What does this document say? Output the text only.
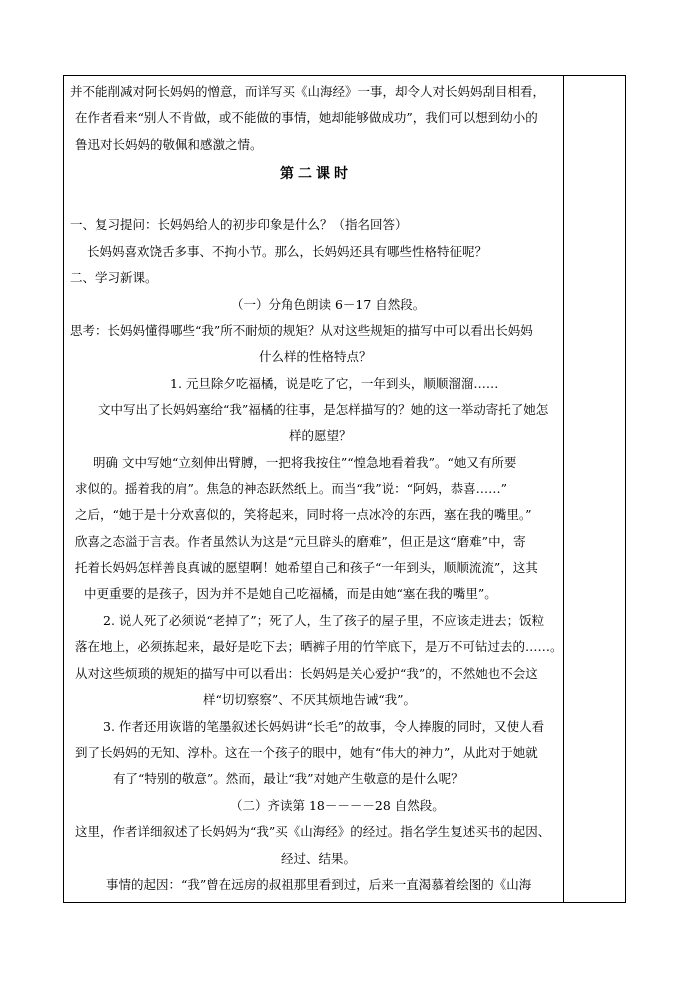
并不能削减对阿长妈妈的憎意，而详写买《山海经》一事，却令人对长妈妈刮目相看，
在作者看来“别人不肯做，或不能做的事情，她却能够做成功”，我们可以想到幼小的
鲁迅对长妈妈的敬佩和感激之情。
第二课时
一、复习提问：长妈妈给人的初步印象是什么？（指名回答）
长妈妈喜欢饶舌多事、不拘小节。那么，长妈妈还具有哪些性格特征呢？
二、学习新课。
（一）分角色朗读 6－17 自然段。
思考：长妈妈懂得哪些“我”所不耐烦的规矩？从对这些规矩的描写中可以看出长妈妈
什么样的性格特点？
1. 元旦除夕吃福橘，说是吃了它，一年到头，顺顺溜溜……
文中写出了长妈妈塞给“我”福橘的往事，是怎样描写的？她的这一举动寄托了她怎
样的愿望？
明确 文中写她“立刻伸出臂膊，一把将我按住”“惶急地看着我”。“她又有所要
求似的。摇着我的肩”。焦急的神态跃然纸上。而当“我”说：“阿妈，恭喜……”
之后，“她于是十分欢喜似的，笑将起来，同时将一点冰冷的东西，塞在我的嘴里。”
欣喜之态溢于言表。作者虽然认为这是“元旦辟头的磨难”，但正是这“磨难”中，寄
托着长妈妈怎样善良真诚的愿望啊！她希望自己和孩子“一年到头，顺顺流流”，这其
中更重要的是孩子，因为并不是她自己吃福橘，而是由她“塞在我的嘴里”。
2. 说人死了必须说“老掉了”；死了人，生了孩子的屋子里，不应该走进去；饭粒
落在地上，必须拣起来，最好是吃下去；晒裤子用的竹竿底下，是万不可钻过去的……。
从对这些烦琐的规矩的描写中可以看出：长妈妈是关心爱护“我”的，不然她也不会这
样“切切察察”、不厌其烦地告诫“我”。
3. 作者还用诙谐的笔墨叙述长妈妈讲“长毛”的故事，令人捧腹的同时，又使人看
到了长妈妈的无知、淳朴。这在一个孩子的眼中，她有“伟大的神力”，从此对于她就
有了“特别的敬意”。然而，最让“我”对她产生敬意的是什么呢？
（二）齐读第 18－－－－28 自然段。
这里，作者详细叙述了长妈妈为“我”买《山海经》的经过。指名学生复述买书的起因、
经过、结果。
事情的起因：“我”曾在远房的叔祖那里看到过，后来一直渴慕着绘图的《山海
